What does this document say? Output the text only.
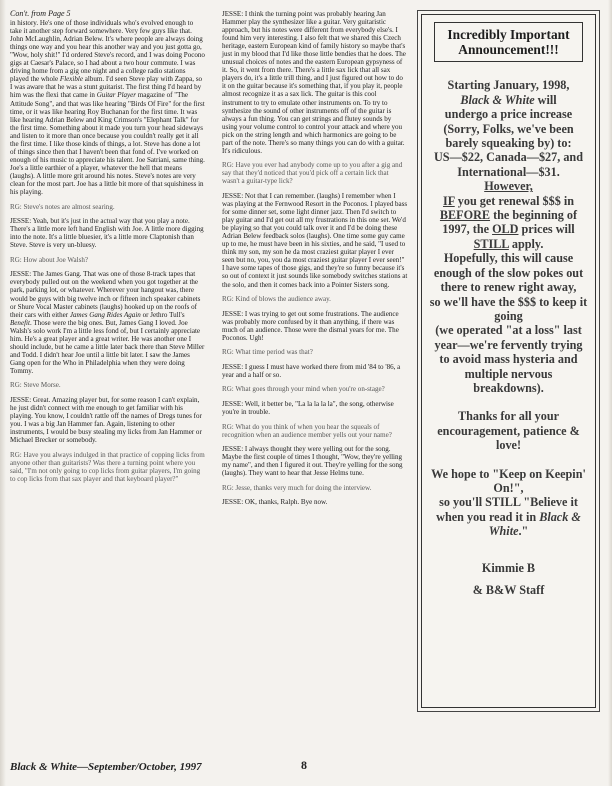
Con't. from Page 5

in history. He's one of those individuals who's evolved enough to take it another step forward somewhere. Very few guys like that. John McLaughlin, Adrian Belew. It's where people are always doing things one way and you hear this another way and you just gotta go, "Wow, holy shit!" I'd ordered Steve's record, and I was doing Pocono gigs at Caesar's Palace, so I had about a two hour commute. I was driving home from a gig one night and a college radio stations played the whole Flexible album. I'd seen Steve play with Zappa, so I was aware that he was a stunt guitarist. The first thing I'd heard by him was the flexi that came in Guitar Player magazine of "The Attitude Song", and that was like hearing "Birds Of Fire" for the first time, or it was like hearing Roy Buchanan for the first time. It was like hearing Adrian Belew and King Crimson's "Elephant Talk" for the first time. Something about it made you turn your head sideways and listen to it more than once because you couldn't really get it all the first time. I like those kinds of things, a lot. Steve has done a lot of things since then that I haven't been that fond of. I've worked on enough of his music to appreciate his talent. Joe Satriani, same thing. Joe's a little earthier of a player, whatever the hell that means (laughs). A little more grit around his notes. Steve's notes are very clean for the most part. Joe has a little bit more of that squishiness in his playing.

RG: Steve's notes are almost searing.

JESSE: Yeah, but it's just in the actual way that you play a note. There's a little more left hand English with Joe. A little more digging into the note. It's a little bluesier, it's a little more Claptonish than Steve. Steve is very un-bluesy.

RG: How about Joe Walsh?

JESSE: The James Gang. That was one of those 8-track tapes that everybody pulled out on the weekend when you got together at the park, parking lot, or whatever. Wherever your hangout was, there would be guys with big twelve inch or fifteen inch speaker cabinets or Shure Vocal Master cabinets (laughs) hooked up on the roofs of their cars with either James Gang Rides Again or Jethro Tull's Benefit. Those were the big ones. But, James Gang I loved. Joe Walsh's solo work I'm a little less fond of, but I certainly appreciate him. He's a great player and a great writer. He was another one I should include, but he came a little later back there than Steve Miller and Todd. I didn't hear Joe until a little bit later. I saw the James Gang open for the Who in Philadelphia when they were doing Tommy.

RG: Steve Morse.

JESSE: Great. Amazing player but, for some reason I can't explain, he just didn't connect with me enough to get familiar with his playing. You know, I couldn't rattle off the names of Dregs tunes for you. I was a big Jan Hammer fan. Again, listening to other instruments, I would be busy stealing my licks from Jan Hammer or Michael Brecker or somebody.

RG: Have you always indulged in that practice of copping licks from anyone other than guitarists? Was there a turning point where you said, "I'm not only going to cop licks from guitar players, I'm going to cop licks from that sax player and that keyboard player?"

JESSE: I think the turning point was probably hearing Jan Hammer play the synthesizer like a guitar. Very guitaristic approach, but his notes were different from everybody else's. I found him very interesting. I also felt that we shared this Czech heritage, eastern European kind of family history so maybe that's just in my blood that I'd like those little bendies that he does. The unusual choices of notes and the eastern European gypsyness of it. So, it went from there. There's a little sax lick that all sax players do, it's a little trill thing, and I just figured out how to do it on the guitar because it's something that, if you play it, people almost recognize it as a sax lick. The guitar is this cool instrument to try to emulate other instruments on. To try to synthesize the sound of other instruments off of the guitar is always a fun thing. You can get strings and flutey sounds by using your volume control to control your attack and where you pick on the string length and which harmonics are going to be part of the note. There's so many things you can do with a guitar. It's ridiculous.

RG: Have you ever had anybody come up to you after a gig and say that they'd noticed that you'd pick off a certain lick that wasn't a guitar-type lick?

JESSE: Not that I can remember. (laughs) I remember when I was playing at the Fernwood Resort in the Poconos. I played bass for some dinner set, some light dinner jazz. Then I'd switch to play guitar and I'd get out all my frustrations in this one set. We'd be playing so that you could talk over it and I'd be doing these Adrian Belew feedback solos (laughs). One time some guy came up to me, he must have been in his sixties, and he said, "I used to think my son, my son he da most craziest guitar player I ever seen but no, you, you da most craziest guitar player I ever seen!" I have some tapes of those gigs, and they're so funny because it's so out of context it just sounds like somebody switches stations at the solo, and then it comes back into a Pointer Sisters song.

RG: Kind of blows the audience away.

JESSE: I was trying to get out some frustrations. The audience was probably more confused by it than anything, if there was much of an audience. Those were the dismal years for me. The Poconos. Ugh!

RG: What time period was that?

JESSE: I guess I must have worked there from mid '84 to '86, a year and a half or so.

RG: What goes through your mind when you're on-stage?

JESSE: Well, it better be, "La la la la la", the song, otherwise you're in trouble.

RG: What do you think of when you hear the squeals of recognition when an audience member yells out your name?

JESSE: I always thought they were yelling out for the song. Maybe the first couple of times I thought, "Wow, they're yelling my name", and then I figured it out. They're yelling for the song (laughs). They want to hear that Jesse Helms tune.

RG: Jesse, thanks very much for doing the interview.

JESSE: OK, thanks, Ralph. Bye now.

Incredibly Important Announcement!!!

Starting January, 1998,

Black & White will

undergo a price increase

(Sorry, Folks, we've been barely squeaking by) to:

US—$22, Canada—$27, and International—$31.

However,

IF you get renewal $$$ in BEFORE the beginning of 1997, the OLD prices will STILL apply.

Hopefully, this will cause enough of the slow pokes out there to renew right away,

so we'll have the $$$ to keep it going

(we operated "at a loss" last year—we're fervently trying to avoid mass hysteria and multiple nervous breakdowns).

Thanks for all your encouragement, patience & love!

We hope to "Keep on Keepin' On!",

so you'll STILL "Believe it when you read it in Black & White."

Kimmie B

& B&W Staff

Black & White—September/October, 1997	8
